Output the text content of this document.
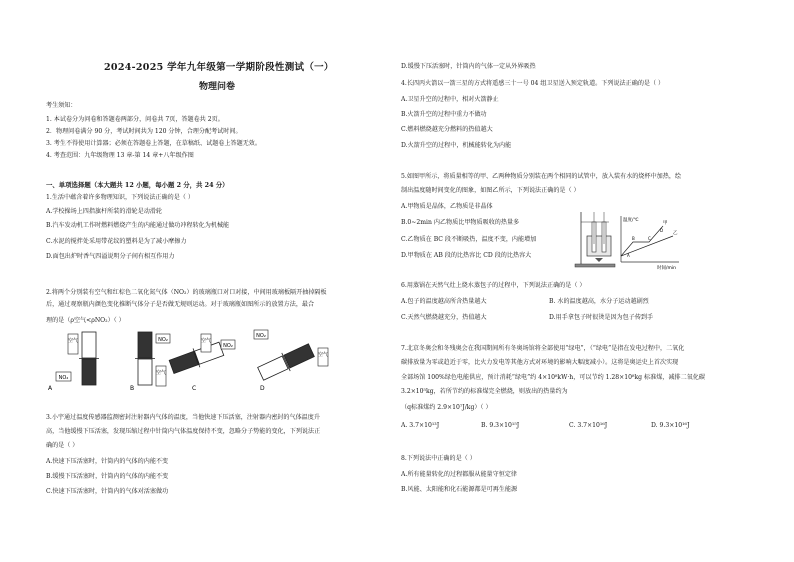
2024-2025 学年九年级第一学期阶段性测试（一）
物理问卷
考生须知：
1. 本试卷分为问卷和答题卷两部分，问卷共 7页，答题卷共 2页。
2．物理问卷满分 90 分，考试时间共为 120 分钟，合理分配考试时间。
3. 考生不得使用计算器；必须在答题卷上答题，在草稿纸、试题卷上答题无效。
4. 考查范围：九年级物理 13 章-第 14 章+八年级作图
一、单项选择题（本大题共 12 小题，每小题 2 分，共 24 分）
1.生活中蕴含着许多物理知识，下列说法正确的是（ ）
A.学校操场上四指旗杆所装的滑轮是动滑轮
B.汽车发动机工作时燃料燃烧产生的内能通过做功冲程转化为机械能
C.水泥的搅拌处采用带花纹的塑料是为了减小摩擦力
D.面包出炉时香气四溢说明分子间有相互作用力
2.将两个分别装有空气和红棕色二氧化氮气体（NO₂）的玻璃瓶口对口对接，中间用玻璃板隔开抽掉隔板
后，通过观察瓶内颜色变化推断气体分子是否做无规则运动。对于玻璃瓶如图所示的放置方法，最合
理的是（ρ空气<ρNO₂）（ ）
空气
NO₂
A
NO₂
空气
B
空气
NO₂
C
NO₂
空气
D
3.小宇通过温度传感器监测密封注射器内气体的温度，当他快速下压活塞，注射器内密封的气体温度升
高，当他缓慢下压活塞，发现压缩过程中针筒内气体温度保持不变，忽略分子势能的变化，下列说法正
确的是（ ）
A.快速下压活塞时，针筒内的气体的内能不变
B.缓慢下压活塞时，针筒内的气体的内能不变
C.快速下压活塞时，针筒内的气体对活塞做功
D.缓慢下压活塞时，针筒内的气体一定从外界吸热
4.长四丙火箭以一箭三星的方式将遥感三十一号 04 组卫星送入预定轨道。下列说法正确的是（ ）
A.卫星升空的过程中，相对火箭静止
B.火箭升空的过程中重力不做功
C.燃料燃烧越充分燃料的热值越大
D.火箭升空的过程中，机械能转化为内能
5.如图甲所示，将质量相等的甲、乙两种物质分别装在两个相同的试管中，放入装有水的烧杯中加热，绘
制出温度随时间变化的图象，如图乙所示，下列说法正确的是（ ）
A.甲物质是晶体，乙物质是非晶体
B.0~2min 内乙物质比甲物质吸收的热量多
C.乙物质在 BC 段不断吸热，温度不变，内能增加
D.甲物质在 AB 段的比热容比 CD 段的比热容大
温度/℃
时间/min
甲
乙
A
B	C
D
6.用蒸锅在天然气灶上烧水蒸包子的过程中，下列说法正确的是（ ）
A.包子的温度越高所含热量越大	B. 水的温度越高，水分子运动越剧烈
C.天然气燃烧越充分，热值越大	D.用手拿包子时很烫是因为包子传到手
7.北京冬奥会和冬残奥会在我国期间所有冬奥场馆将全部使用“绿电”，（“绿电”是指在发电过程中，二氧化
碳排放量为零或趋近于零，比火力发电等其他方式对环境的影响大幅度减小）。这将是奥运史上首次实现
全部场馆 100%绿色电能供应，预计消耗“绿电”约 4×10⁸kW·h，可以节约 1.28×10⁸kg 标准煤，减排二氧化碳
3.2×10⁵kg，若所节约的标准煤完全燃烧，则放出的热量约为
（q标准煤约 2.9×10⁷J/kg）（ ）
A. 3.7×10¹³J	B. 9.3×10¹⁵J	C. 3.7×10¹⁶J	D. 9.3×10¹⁶J
8.下列说法中正确的是（ ）
A.所有能量转化的过程都服从能量守恒定律
B.风能、太阳能和化石能源都是可再生能源
